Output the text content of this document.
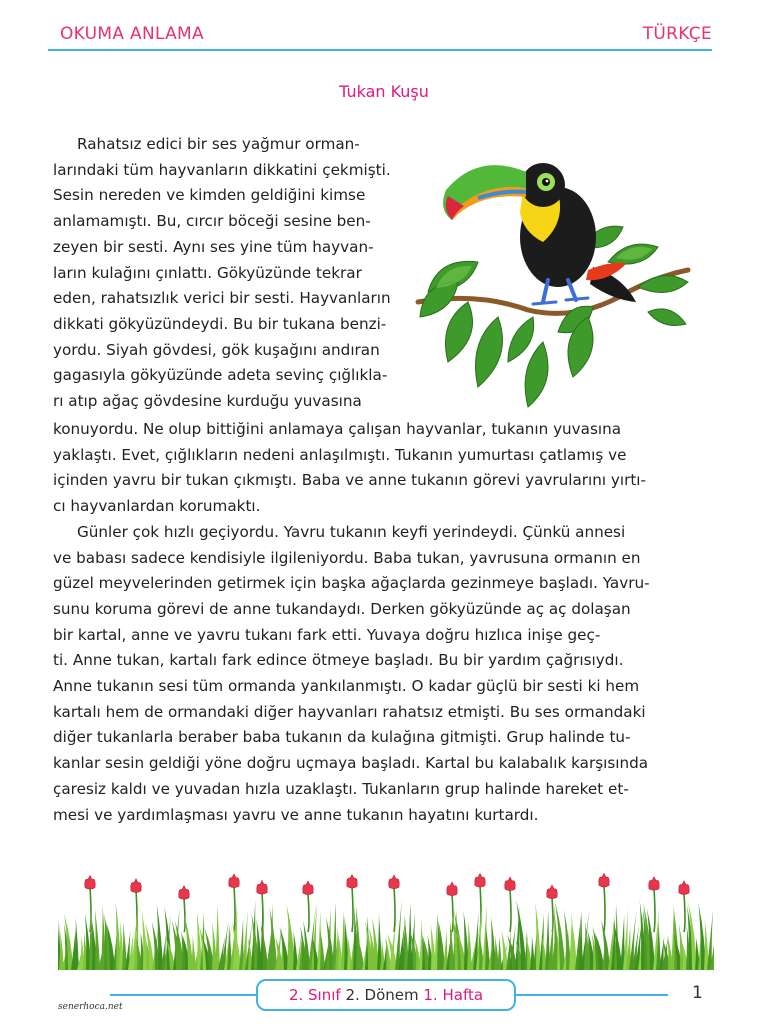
OKUMA ANLAMA	TÜRKÇE
Tukan Kuşu
Rahatsız edici bir ses yağmur orman-
larındaki tüm hayvanların dikkatini çekmişti.
Sesin nereden ve kimden geldiğini kimse
anlamamıştı. Bu, cırcır böceği sesine ben-
zeyen bir sesti. Aynı ses yine tüm hayvan-
ların kulağını çınlattı. Gökyüzünde tekrar
eden, rahatsızlık verici bir sesti. Hayvanların
dikkati gökyüzündeydi. Bu bir tukana benzi-
yordu. Siyah gövdesi, gök kuşağını andıran
gagasıyla gökyüzünde adeta sevinç çığlıkla-
rı atıp ağaç gövdesine kurduğu yuvasına
konuyordu. Ne olup bittiğini anlamaya çalışan hayvanlar, tukanın yuvasına
yaklaştı. Evet, çığlıkların nedeni anlaşılmıştı. Tukanın yumurtası çatlamış ve
içinden yavru bir tukan çıkmıştı. Baba ve anne tukanın görevi yavrularını yırtı-
cı hayvanlardan korumaktı.
Günler çok hızlı geçiyordu. Yavru tukanın keyfi yerindeydi. Çünkü annesi
ve babası sadece kendisiyle ilgileniyordu. Baba tukan, yavrusuna ormanın en
güzel meyvelerinden getirmek için başka ağaçlarda gezinmeye başladı. Yavru-
sunu koruma görevi de anne tukandaydı. Derken gökyüzünde aç aç dolaşan
bir kartal, anne ve yavru tukanı fark etti. Yuvaya doğru hızlıca inişe geç-
ti. Anne tukan, kartalı fark edince ötmeye başladı. Bu bir yardım çağrısıydı.
Anne tukanın sesi tüm ormanda yankılanmıştı. O kadar güçlü bir sesti ki hem
kartalı hem de ormandaki diğer hayvanları rahatsız etmişti. Bu ses ormandaki
diğer tukanlarla beraber baba tukanın da kulağına gitmişti. Grup halinde tu-
kanlar sesin geldiği yöne doğru uçmaya başladı. Kartal bu kalabalık karşısında
çaresiz kaldı ve yuvadan hızla uzaklaştı. Tukanların grup halinde hareket et-
mesi ve yardımlaşması yavru ve anne tukanın hayatını kurtardı.
2. Sınıf 2. Dönem 1. Hafta	1
senerhoca.net
